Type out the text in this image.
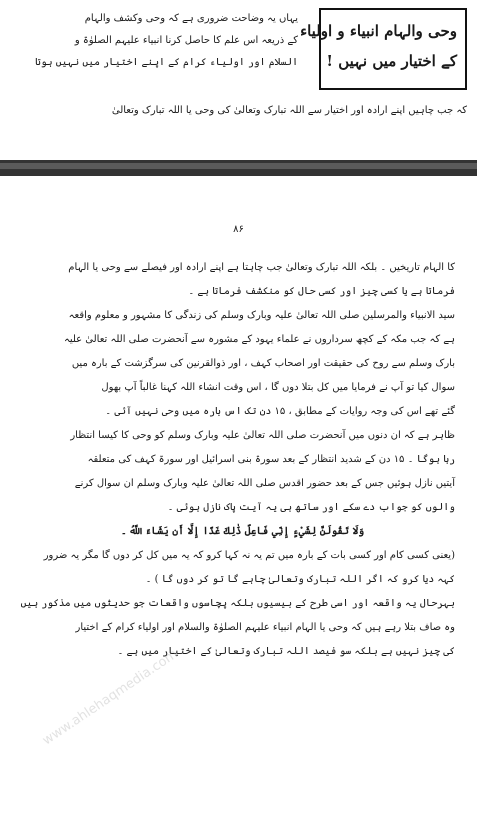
وحی والہام انبیاء و اولیاء
کے اختیار میں نہیں !
یہاں یہ وضاحت ضروری ہے کہ وحی وکشف والہام
کے ذریعہ اس علم کا حاصل کرنا انبیاء علیہم الصلوٰۃ و
السلام اور اولیاء کرام کے اپنے اختیار میں نہیں ہوتا
کہ جب چاہیں اپنے ارادہ اور اختیار سے اللہ تبارک وتعالیٰ کی وحی یا اللہ تبارک وتعالیٰ
۸۶
کا الہام تاریخیں ۔ بلکہ اللہ تبارک وتعالیٰ جب چاہتا ہے اپنے ارادہ اور فیصلے سے وحی یا الہام
فرماتا ہے یا کسی چیز اور کسی حال کو منکشف فرماتا ہے ۔
سید الانبیاء والمرسلین صلی اللہ تعالیٰ علیہ وبارک وسلم کی زندگی کا مشہور و معلوم واقعہ
ہے کہ جب مکہ کے کچھ سرداروں نے علماء یہود کے مشورہ سے آنحضرت صلی اللہ تعالیٰ علیہ
بارک وسلم سے روح کی حقیقت اور اصحاب کہف ، اور ذوالقرنین کی سرگزشت کے بارہ میں
سوال کیا تو آپ نے فرمایا میں کل بتلا دوں گا ، اس وقت انشاء اللہ کہنا غالباً آپ بھول
گئے تھے اس کی وجہ روایات کے مطابق ، ۱۵ دن تک اس بارہ میں وحی نہیں آئی ۔
ظاہر ہے کہ ان دنوں میں آنحضرت صلی اللہ تعالیٰ علیہ وبارک وسلم کو وحی کا کیسا انتظار
رہا ہوگا ۔ ۱۵ دن کے شدید انتظار کے بعد سورۃ بنی اسرائیل اور سورۃ کہف کی متعلقہ
آیتیں نازل ہوئیں جس کے بعد حضور اقدس صلی اللہ تعالیٰ علیہ وبارک وسلم ان سوال کرنے
والوں کو جواب دے سکے اور ساتھ ہی یہ آیت پاک نازل ہوئی ۔
وَلَا تَقُولَنَّ لِشَيْءٍ إِنِّي فَاعِلٌ ذَٰلِكَ غَدًا إِلَّا أَن يَشَاءَ اللَّهُ ۔
(یعنی کسی کام اور کسی بات کے بارہ میں تم یہ نہ کہا کرو کہ یہ میں کل کر دوں گا مگر یہ ضرور
کہہ دیا کرو کہ اگر اللہ تبارک وتعالیٰ چاہے گا تو کر دوں گا ) ۔
بہرحال یہ واقعہ اور اسی طرح کے بیسیوں بلکہ پچاسوں واقعات جو حدیثوں میں مذکور ہیں
وہ صاف بتلا رہے ہیں کہ وحی یا الہام انبیاء علیہم الصلوٰۃ والسلام اور اولیاء کرام کے اختیار
کی چیز نہیں ہے بلکہ سو فیصد اللہ تبارک وتعالیٰ کے اختیار میں ہے ۔
www.ahlehaqmedia.com
